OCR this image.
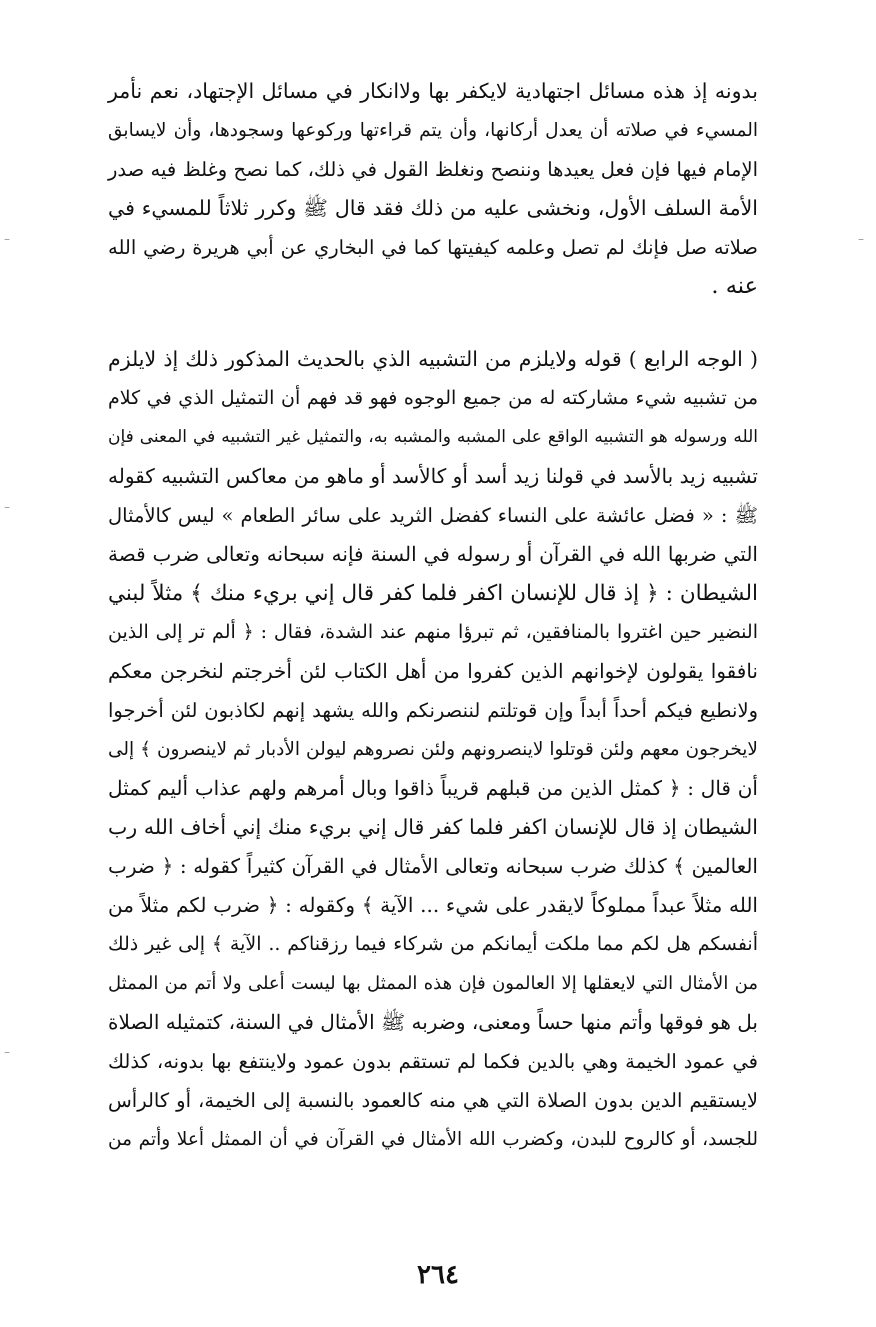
بدونه إذ هذه مسائل اجتهادية لايكفر بها ولاانكار في مسائل الإجتهاد، نعم نأمر
المسيء في صلاته أن يعدل أركانها، وأن يتم قراءتها وركوعها وسجودها، وأن لايسابق
الإمام فيها فإن فعل يعيدها وننصح ونغلظ القول في ذلك، كما نصح وغلظ فيه صدر
الأمة السلف الأول، ونخشى عليه من ذلك فقد قال ﷺ وكرر ثلاثاً للمسيء في
صلاته صل فإنك لم تصل وعلمه كيفيتها كما في البخاري عن أبي هريرة رضي الله
عنه .
( الوجه الرابع ) قوله ولايلزم من التشبيه الذي بالحديث المذكور ذلك إذ لايلزم
من تشبيه شيء مشاركته له من جميع الوجوه فهو قد فهم أن التمثيل الذي في كلام
الله ورسوله هو التشبيه الواقع على المشبه والمشبه به، والتمثيل غير التشبيه في المعنى فإن
تشبيه زيد بالأسد في قولنا زيد أسد أو كالأسد أو ماهو من معاكس التشبيه كقوله
ﷺ : « فضل عائشة على النساء كفضل الثريد على سائر الطعام » ليس كالأمثال
التي ضربها الله في القرآن أو رسوله في السنة فإنه سبحانه وتعالى ضرب قصة
الشيطان : ﴿ إذ قال للإنسان اكفر فلما كفر قال إني بريء منك ﴾ مثلاً لبني
النضير حين اغتروا بالمنافقين، ثم تبرؤا منهم عند الشدة، فقال : ﴿ ألم تر إلى الذين
نافقوا يقولون لإخوانهم الذين كفروا من أهل الكتاب لئن أخرجتم لنخرجن معكم
ولانطيع فيكم أحداً أبداً وإن قوتلتم لننصرنكم والله يشهد إنهم لكاذبون لئن أخرجوا
لايخرجون معهم ولئن قوتلوا لاينصرونهم ولئن نصروهم ليولن الأدبار ثم لاينصرون ﴾ إلى
أن قال : ﴿ كمثل الذين من قبلهم قريباً ذاقوا وبال أمرهم ولهم عذاب أليم كمثل
الشيطان إذ قال للإنسان اكفر فلما كفر قال إني بريء منك إني أخاف الله رب
العالمين ﴾ كذلك ضرب سبحانه وتعالى الأمثال في القرآن كثيراً كقوله : ﴿ ضرب
الله مثلاً عبداً مملوكاً لايقدر على شيء ... الآية ﴾ وكقوله : ﴿ ضرب لكم مثلاً من
أنفسكم هل لكم مما ملكت أيمانكم من شركاء فيما رزقناكم .. الآية ﴾ إلى غير ذلك
من الأمثال التي لايعقلها إلا العالمون فإن هذه الممثل بها ليست أعلى ولا أتم من الممثل
بل هو فوقها وأتم منها حساً ومعنى، وضربه ﷺ الأمثال في السنة، كتمثيله الصلاة
في عمود الخيمة وهي بالدين فكما لم تستقم بدون عمود ولاينتفع بها بدونه، كذلك
لايستقيم الدين بدون الصلاة التي هي منه كالعمود بالنسبة إلى الخيمة، أو كالرأس
للجسد، أو كالروح للبدن، وكضرب الله الأمثال في القرآن في أن الممثل أعلا وأتم من
٢٦٤
–
–
–
–
